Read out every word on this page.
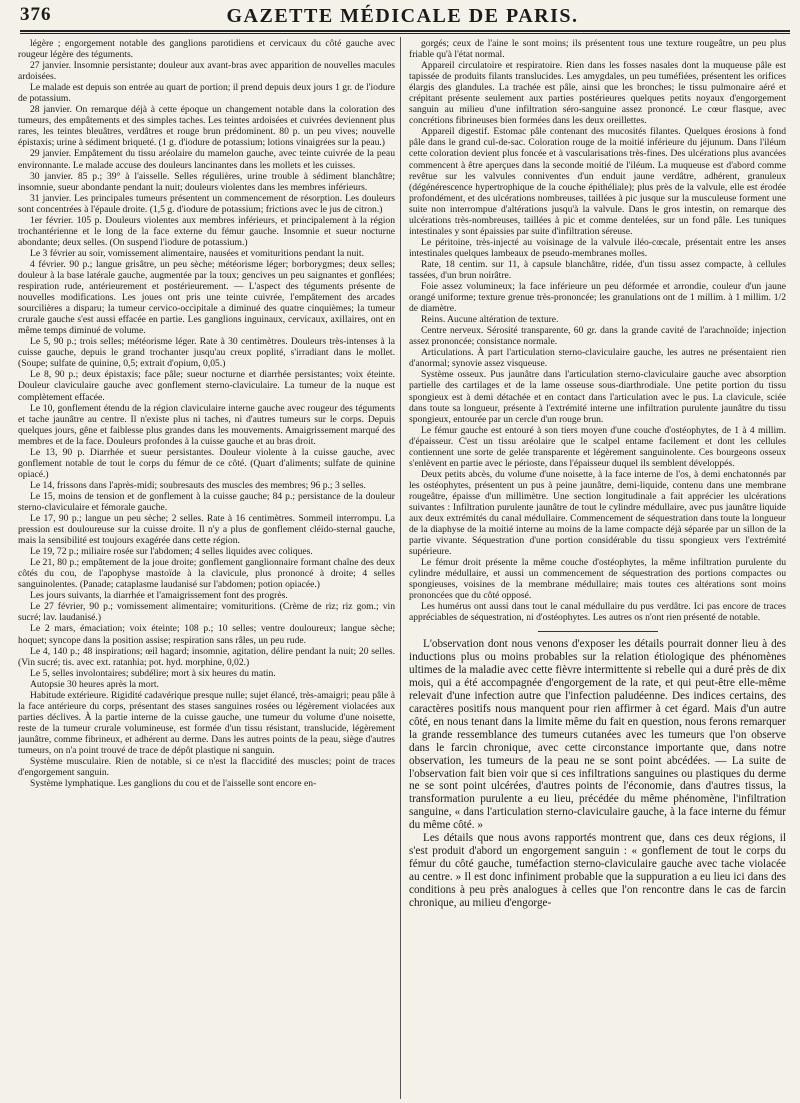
376	GAZETTE MÉDICALE DE PARIS.

légère ; engorgement notable des ganglions parotidiens et cervicaux du côté gauche avec rougeur légère des téguments.

27 janvier. Insomnie persistante; douleur aux avant-bras avec apparition de nouvelles macules ardoisées.

Le malade est depuis son entrée au quart de portion; il prend depuis deux jours 1 gr. de l'iodure de potassium.

28 janvier. On remarque déjà à cette époque un changement notable dans la coloration des tumeurs, des empâtements et des simples taches. Les teintes ardoisées et cuivrées deviennent plus rares, les teintes bleuâtres, verdâtres et rouge brun prédominent. 80 p. un peu vives; nouvelle épistaxis; urine à sédiment briqueté. (1 g. d'iodure de potassium; lotions vinaigrées sur la peau.)

29 janvier. Empâtement du tissu aréolaire du mamelon gauche, avec teinte cuivrée de la peau environnante. Le malade accuse des douleurs lancinantes dans les mollets et les cuisses.

30 janvier. 85 p.; 39° à l'aisselle. Selles régulières, urine trouble à sédiment blanchâtre; insomnie, sueur abondante pendant la nuit; douleurs violentes dans les membres inférieurs.

31 janvier. Les principales tumeurs présentent un commencement de résorption. Les douleurs sont concentrées à l'épaule droite. (1,5 g. d'iodure de potassium; frictions avec le jus de citron.)

1er février. 105 p. Douleurs violentes aux membres inférieurs, et principalement à la région trochantérienne et le long de la face externe du fémur gauche. Insomnie et sueur nocturne abondante; deux selles. (On suspend l'iodure de potassium.)

Le 3 février au soir, vomissement alimentaire, nausées et vomituritions pendant la nuit.

4 février. 90 p.; langue grisâtre, un peu sèche; météorisme léger; borborygmes; deux selles; douleur à la base latérale gauche, augmentée par la toux; gencives un peu saignantes et gonflées; respiration rude, antérieurement et postérieurement. — L'aspect des téguments présente de nouvelles modifications. Les joues ont pris une teinte cuivrée, l'empâtement des arcades sourcilières a disparu; la tumeur cervico-occipitale a diminué des quatre cinquièmes; la tumeur crurale gauche s'est aussi effacée en partie. Les ganglions inguinaux, cervicaux, axillaires, ont en même temps diminué de volume.

Le 5, 90 p.; trois selles; météorisme léger. Rate à 30 centimètres. Douleurs très-intenses à la cuisse gauche, depuis le grand trochanter jusqu'au creux poplité, s'irradiant dans le mollet. (Soupe; sulfate de quinine, 0,5; extrait d'opium, 0,05.)

Le 8, 90 p.; deux épistaxis; face pâle; sueur nocturne et diarrhée persistantes; voix éteinte. Douleur claviculaire gauche avec gonflement sterno-claviculaire. La tumeur de la nuque est complètement effacée.

Le 10, gonflement étendu de la région claviculaire interne gauche avec rougeur des téguments et tache jaunâtre au centre. Il n'existe plus ni taches, ni d'autres tumeurs sur le corps. Depuis quelques jours, gêne et faiblesse plus grandes dans les mouvements. Amaigrissement marqué des membres et de la face. Douleurs profondes à la cuisse gauche et au bras droit.

Le 13, 90 p. Diarrhée et sueur persistantes. Douleur violente à la cuisse gauche, avec gonflement notable de tout le corps du fémur de ce côté. (Quart d'aliments; sulfate de quinine opiacé.)

Le 14, frissons dans l'après-midi; soubresauts des muscles des membres; 96 p.; 3 selles.

Le 15, moins de tension et de gonflement à la cuisse gauche; 84 p.; persistance de la douleur sterno-claviculaire et fémorale gauche.

Le 17, 90 p.; langue un peu sèche; 2 selles. Rate à 16 centimètres. Sommeil interrompu. La pression est douloureuse sur la cuisse droite. Il n'y a plus de gonflement cléido-sternal gauche, mais la sensibilité est toujours exagérée dans cette région.

Le 19, 72 p.; miliaire rosée sur l'abdomen; 4 selles liquides avec coliques.

Le 21, 80 p.; empâtement de la joue droite; gonflement ganglionnaire formant chaîne des deux côtés du cou, de l'apophyse mastoïde à la clavicule, plus prononcé à droite; 4 selles sanguinolentes. (Panade; cataplasme laudanisé sur l'abdomen; potion opiacée.)

Les jours suivants, la diarrhée et l'amaigrissement font des progrès.

Le 27 février, 90 p.; vomissement alimentaire; vomituritions. (Crème de riz; riz gom.; vin sucré; lav. laudanisé.)

Le 2 mars, émaciation; voix éteinte; 108 p.; 10 selles; ventre douloureux; langue sèche; hoquet; syncope dans la position assise; respiration sans râles, un peu rude.

Le 4, 140 p.; 48 inspirations; œil hagard; insomnie, agitation, délire pendant la nuit; 20 selles. (Vin sucré; tis. avec ext. ratanhia; pot. hyd. morphine, 0,02.)

Le 5, selles involontaires; subdélire; mort à six heures du matin.

Autopsie 30 heures après la mort.

Habitude extérieure. Rigidité cadavérique presque nulle; sujet élancé, très-amaigri; peau pâle à la face antérieure du corps, présentant des stases sanguines rosées ou légèrement violacées aux parties déclives. À la partie interne de la cuisse gauche, une tumeur du volume d'une noisette, reste de la tumeur crurale volumineuse, est formée d'un tissu résistant, translucide, légèrement jaunâtre, comme fibrineux, et adhérent au derme. Dans les autres points de la peau, siège d'autres tumeurs, on n'a point trouvé de trace de dépôt plastique ni sanguin.

Système musculaire. Rien de notable, si ce n'est la flaccidité des muscles; point de traces d'engorgement sanguin.

Système lymphatique. Les ganglions du cou et de l'aisselle sont encore en-

gorgés; ceux de l'aine le sont moins; ils présentent tous une texture rougeâtre, un peu plus friable qu'à l'état normal.

Appareil circulatoire et respiratoire. Rien dans les fosses nasales dont la muqueuse pâle est tapissée de produits filants translucides. Les amygdales, un peu tuméfiées, présentent les orifices élargis des glandules. La trachée est pâle, ainsi que les bronches; le tissu pulmonaire aéré et crépitant présente seulement aux parties postérieures quelques petits noyaux d'engorgement sanguin au milieu d'une infiltration séro-sanguine assez prononcé. Le cœur flasque, avec concrétions fibrineuses bien formées dans les deux oreillettes.

Appareil digestif. Estomac pâle contenant des mucosités filantes. Quelques érosions à fond pâle dans le grand cul-de-sac. Coloration rouge de la moitié inférieure du jéjunum. Dans l'iléum cette coloration devient plus foncée et à vascularisations très-fines. Des ulcérations plus avancées commencent à être aperçues dans la seconde moitié de l'iléum. La muqueuse est d'abord comme revêtue sur les valvules conniventes d'un enduit jaune verdâtre, adhérent, granuleux (dégénérescence hypertrophique de la couche épithéliale); plus près de la valvule, elle est érodée profondément, et des ulcérations nombreuses, taillées à pic jusque sur la musculeuse forment une suite non interrompue d'altérations jusqu'à la valvule. Dans le gros intestin, on remarque des ulcérations très-nombreuses, taillées à pic et comme dentelées, sur un fond pâle. Les tuniques intestinales y sont épaissies par suite d'infiltration séreuse.

Le péritoine, très-injecté au voisinage de la valvule iléo-cœcale, présentait entre les anses intestinales quelques lambeaux de pseudo-membranes molles.

Rate, 18 centim. sur 11, à capsule blanchâtre, ridée, d'un tissu assez compacte, à cellules tassées, d'un brun noirâtre.

Foie assez volumineux; la face inférieure un peu déformée et arrondie, couleur d'un jaune orangé uniforme; texture grenue très-prononcée; les granulations ont de 1 millim. à 1 millim. 1/2 de diamètre.

Reins. Aucune altération de texture.

Centre nerveux. Sérosité transparente, 60 gr. dans la grande cavité de l'arachnoïde; injection assez prononcée; consistance normale.

Articulations. À part l'articulation sterno-claviculaire gauche, les autres ne présentaient rien d'anormal; synovie assez visqueuse.

Système osseux. Pus jaunâtre dans l'articulation sterno-claviculaire gauche avec absorption partielle des cartilages et de la lame osseuse sous-diarthrodiale. Une petite portion du tissu spongieux est à demi détachée et en contact dans l'articulation avec le pus. La clavicule, sciée dans toute sa longueur, présente à l'extrémité interne une infiltration purulente jaunâtre du tissu spongieux, entourée par un cercle d'un rouge brun.

Le fémur gauche est entouré à son tiers moyen d'une couche d'ostéophytes, de 1 à 4 millim. d'épaisseur. C'est un tissu aréolaire que le scalpel entame facilement et dont les cellules contiennent une sorte de gelée transparente et légèrement sanguinolente. Ces bourgeons osseux s'enlèvent en partie avec le périoste, dans l'épaisseur duquel ils semblent développés.

Deux petits abcès, du volume d'une noisette, à la face interne de l'os, à demi enchatonnés par les ostéophytes, présentent un pus à peine jaunâtre, demi-liquide, contenu dans une membrane rougeâtre, épaisse d'un millimètre. Une section longitudinale a fait apprécier les ulcérations suivantes : Infiltration purulente jaunâtre de tout le cylindre médullaire, avec pus jaunâtre liquide aux deux extrémités du canal médullaire. Commencement de séquestration dans toute la longueur de la diaphyse de la moitié interne au moins de la lame compacte déjà séparée par un sillon de la partie vivante. Séquestration d'une portion considérable du tissu spongieux vers l'extrémité supérieure.

Le fémur droit présente la même couche d'ostéophytes, la même infiltration purulente du cylindre médullaire, et aussi un commencement de séquestration des portions compactes ou spongieuses, voisines de la membrane médullaire; mais toutes ces altérations sont moins prononcées que du côté opposé.

Les humérus ont aussi dans tout le canal médullaire du pus verdâtre. Ici pas encore de traces appréciables de séquestration, ni d'ostéophytes. Les autres os n'ont rien présenté de notable.

L'observation dont nous venons d'exposer les détails pourrait donner lieu à des inductions plus ou moins probables sur la relation étiologique des phénomènes ultimes de la maladie avec cette fièvre intermittente si rebelle qui a duré près de dix mois, qui a été accompagnée d'engorgement de la rate, et qui peut-être elle-même relevait d'une infection autre que l'infection paludéenne. Des indices certains, des caractères positifs nous manquent pour rien affirmer à cet égard. Mais d'un autre côté, en nous tenant dans la limite même du fait en question, nous ferons remarquer la grande ressemblance des tumeurs cutanées avec les tumeurs que l'on observe dans le farcin chronique, avec cette circonstance importante que, dans notre observation, les tumeurs de la peau ne se sont point abcédées. — La suite de l'observation fait bien voir que si ces infiltrations sanguines ou plastiques du derme ne se sont point ulcérées, d'autres points de l'économie, dans d'autres tissus, la transformation purulente a eu lieu, précédée du même phénomène, l'infiltration sanguine, « dans l'articulation sterno-claviculaire gauche, à la face interne du fémur du même côté. »

Les détails que nous avons rapportés montrent que, dans ces deux régions, il s'est produit d'abord un engorgement sanguin : « gonflement de tout le corps du fémur du côté gauche, tuméfaction sterno-claviculaire gauche avec tache violacée au centre. » Il est donc infiniment probable que la suppuration a eu lieu ici dans des conditions à peu près analogues à celles que l'on rencontre dans le cas de farcin chronique, au milieu d'engorge-
